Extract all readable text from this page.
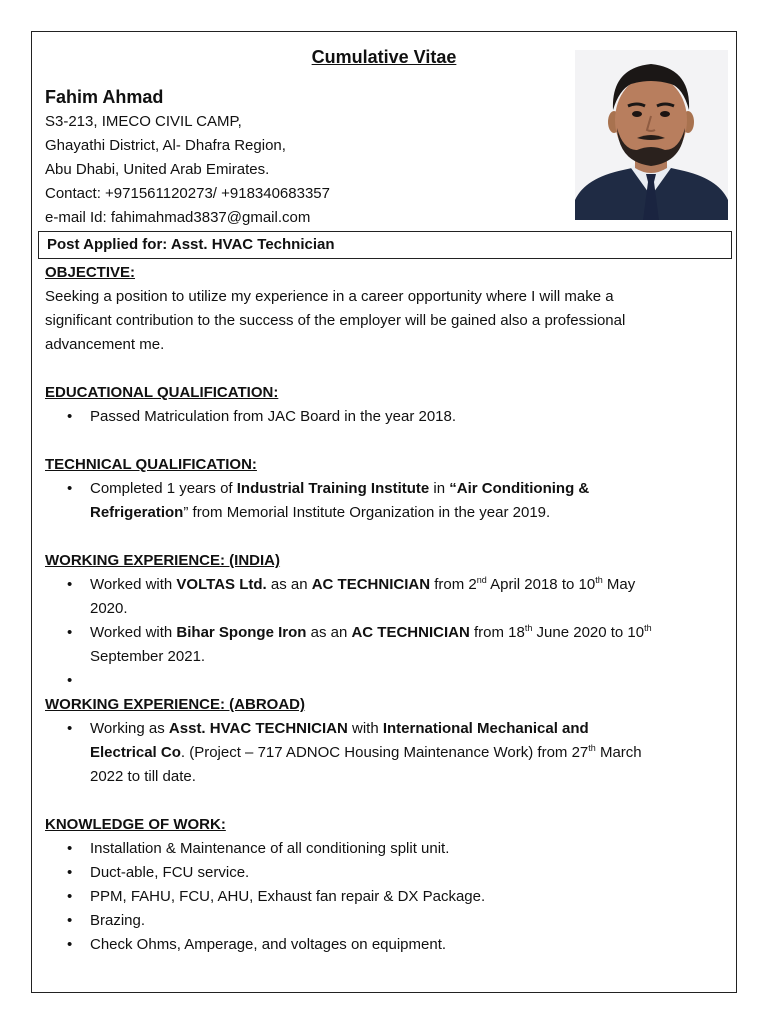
Cumulative Vitae
Fahim Ahmad
S3-213, IMECO CIVIL CAMP,
Ghayathi District, Al- Dhafra Region,
Abu Dhabi, United Arab Emirates.
Contact: +971561120273/ +918340683357
e-mail Id: fahimahmad3837@gmail.com
Post Applied for: Asst. HVAC Technician

OBJECTIVE:

Seeking a position to utilize my experience in a career opportunity where I will make a

significant contribution to the success of the employer will be gained also a professional

advancement me.

EDUCATIONAL QUALIFICATION:

• Passed Matriculation from JAC Board in the year 2018.

TECHNICAL QUALIFICATION:

• Completed 1 years of Industrial Training Institute in “Air Conditioning &
Refrigeration” from Memorial Institute Organization in the year 2019.

WORKING EXPERIENCE: (INDIA)

• Worked with VOLTAS Ltd. as an AC TECHNICIAN from 2nd April 2018 to 10th May
2020.
• Worked with Bihar Sponge Iron as an AC TECHNICIAN from 18th June 2020 to 10th
September 2021.
•

WORKING EXPERIENCE: (ABROAD)

• Working as Asst. HVAC TECHNICIAN with International Mechanical and
Electrical Co. (Project – 717 ADNOC Housing Maintenance Work) from 27th March
2022 to till date.

KNOWLEDGE OF WORK:

• Installation & Maintenance of all conditioning split unit.
• Duct-able, FCU service.
• PPM, FAHU, FCU, AHU, Exhaust fan repair & DX Package.
• Brazing.
• Check Ohms, Amperage, and voltages on equipment.
